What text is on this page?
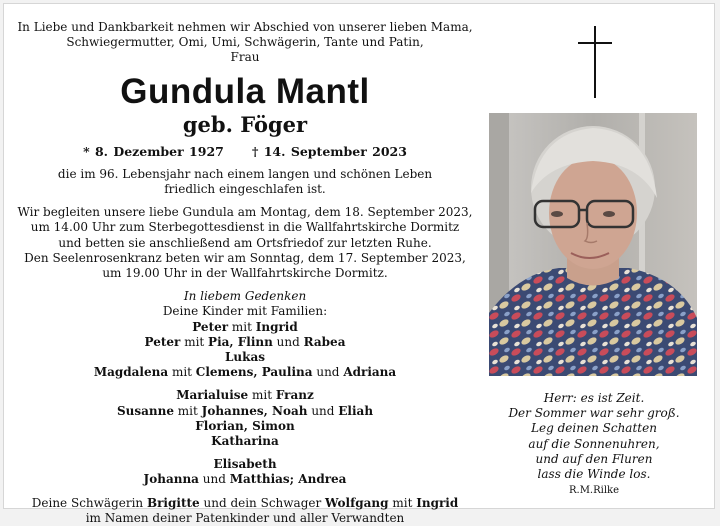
In Liebe und Dankbarkeit nehmen wir Abschied von unserer lieben Mama,

Schwiegermutter, Omi, Umi, Schwägerin, Tante und Patin,

Frau

Gundula Mantl

geb. Föger

* 8. Dezember 1927 † 14. September 2023

die im 96. Lebensjahr nach einem langen und schönen Leben

friedlich eingeschlafen ist.

Wir begleiten unsere liebe Gundula am Montag, dem 18. September 2023,

um 14.00 Uhr zum Sterbegottesdienst in die Wallfahrtskirche Dormitz

und betten sie anschließend am Ortsfriedof zur letzten Ruhe.

Den Seelenrosenkranz beten wir am Sonntag, dem 17. September 2023,

um 19.00 Uhr in der Wallfahrtskirche Dormitz.

In liebem Gedenken

Deine Kinder mit Familien:

Peter mit Ingrid

Peter mit Pia, Flinn und Rabea

Lukas

Magdalena mit Clemens, Paulina und Adriana

Marialuise mit Franz

Susanne mit Johannes, Noah und Eliah

Florian, Simon

Katharina

Elisabeth

Johanna und Matthias; Andrea

Deine Schwägerin Brigitte und dein Schwager Wolfgang mit Ingrid

im Namen deiner Patenkinder und aller Verwandten

Herr: es ist Zeit.

Der Sommer war sehr groß.

Leg deinen Schatten

auf die Sonnenuhren,

und auf den Fluren

lass die Winde los.

R.M.Rilke
